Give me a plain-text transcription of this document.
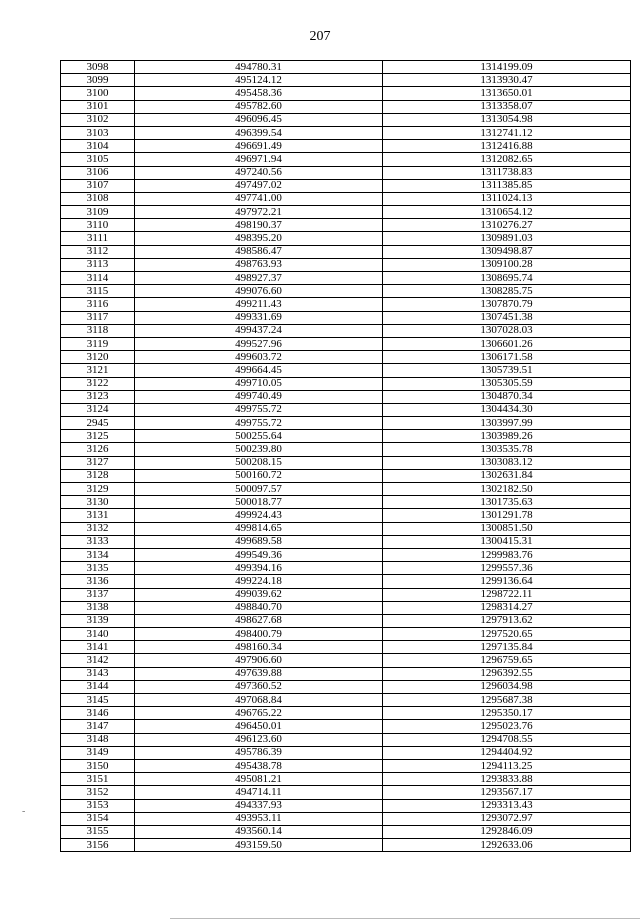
207
3098	494780.31	1314199.09
3099	495124.12	1313930.47
3100	495458.36	1313650.01
3101	495782.60	1313358.07
3102	496096.45	1313054.98
3103	496399.54	1312741.12
3104	496691.49	1312416.88
3105	496971.94	1312082.65
3106	497240.56	1311738.83
3107	497497.02	1311385.85
3108	497741.00	1311024.13
3109	497972.21	1310654.12
3110	498190.37	1310276.27
3111	498395.20	1309891.03
3112	498586.47	1309498.87
3113	498763.93	1309100.28
3114	498927.37	1308695.74
3115	499076.60	1308285.75
3116	499211.43	1307870.79
3117	499331.69	1307451.38
3118	499437.24	1307028.03
3119	499527.96	1306601.26
3120	499603.72	1306171.58
3121	499664.45	1305739.51
3122	499710.05	1305305.59
3123	499740.49	1304870.34
3124	499755.72	1304434.30
2945	499755.72	1303997.99
3125	500255.64	1303989.26
3126	500239.80	1303535.78
3127	500208.15	1303083.12
3128	500160.72	1302631.84
3129	500097.57	1302182.50
3130	500018.77	1301735.63
3131	499924.43	1301291.78
3132	499814.65	1300851.50
3133	499689.58	1300415.31
3134	499549.36	1299983.76
3135	499394.16	1299557.36
3136	499224.18	1299136.64
3137	499039.62	1298722.11
3138	498840.70	1298314.27
3139	498627.68	1297913.62
3140	498400.79	1297520.65
3141	498160.34	1297135.84
3142	497906.60	1296759.65
3143	497639.88	1296392.55
3144	497360.52	1296034.98
3145	497068.84	1295687.38
3146	496765.22	1295350.17
3147	496450.01	1295023.76
3148	496123.60	1294708.55
3149	495786.39	1294404.92
3150	495438.78	1294113.25
3151	495081.21	1293833.88
3152	494714.11	1293567.17
3153	494337.93	1293313.43
3154	493953.11	1293072.97
3155	493560.14	1292846.09
3156	493159.50	1292633.06
-
